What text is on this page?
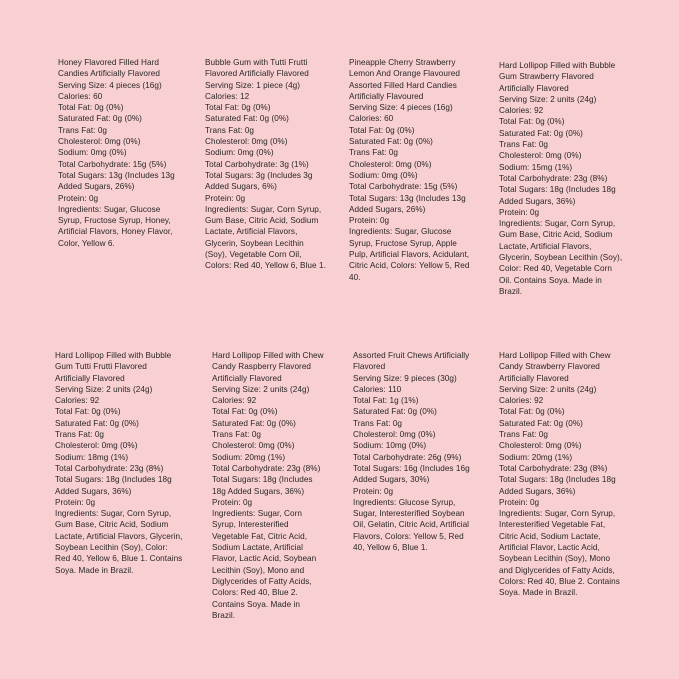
Honey Flavored Filled Hard Candies Artificially Flavored
Serving Size: 4 pieces (16g)
Calories: 60
Total Fat: 0g (0%)
Saturated Fat: 0g (0%)
Trans Fat: 0g
Cholesterol: 0mg (0%)
Sodium: 0mg (0%)
Total Carbohydrate: 15g (5%)
Total Sugars: 13g (Includes 13g Added Sugars, 26%)
Protein: 0g
Ingredients: Sugar, Glucose Syrup, Fructose Syrup, Honey, Artificial Flavors, Honey Flavor, Color, Yellow 6.
Bubble Gum with Tutti Frutti Flavored Artificially Flavored
Serving Size: 1 piece (4g)
Calories: 12
Total Fat: 0g (0%)
Saturated Fat: 0g (0%)
Trans Fat: 0g
Cholesterol: 0mg (0%)
Sodium: 0mg (0%)
Total Carbohydrate: 3g (1%)
Total Sugars: 3g (Includes 3g Added Sugars, 6%)
Protein: 0g
Ingredients: Sugar, Corn Syrup, Gum Base, Citric Acid, Sodium Lactate, Artificial Flavors, Glycerin, Soybean Lecithin (Soy), Vegetable Corn Oil, Colors: Red 40, Yellow 6, Blue 1.
Pineapple Cherry Strawberry Lemon And Orange Flavoured Assorted Filled Hard Candies Artificially Flavoured
Serving Size: 4 pieces (16g)
Calories: 60
Total Fat: 0g (0%)
Saturated Fat: 0g (0%)
Trans Fat: 0g
Cholesterol: 0mg (0%)
Sodium: 0mg (0%)
Total Carbohydrate: 15g (5%)
Total Sugars: 13g (Includes 13g Added Sugars, 26%)
Protein: 0g
Ingredients: Sugar, Glucose Syrup, Fructose Syrup, Apple Pulp, Artificial Flavors, Acidulant, Citric Acid, Colors: Yellow 5, Red 40.
Hard Lollipop Filled with Bubble Gum Strawberry Flavored Artificially Flavored
Serving Size: 2 units (24g)
Calories: 92
Total Fat: 0g (0%)
Saturated Fat: 0g (0%)
Trans Fat: 0g
Cholesterol: 0mg (0%)
Sodium: 15mg (1%)
Total Carbohydrate: 23g (8%)
Total Sugars: 18g (Includes 18g Added Sugars, 36%)
Protein: 0g
Ingredients: Sugar, Corn Syrup, Gum Base, Citric Acid, Sodium Lactate, Artificial Flavors, Glycerin, Soybean Lecithin (Soy), Color: Red 40, Vegetable Corn Oil. Contains Soya. Made in Brazil.
Hard Lollipop Filled with Bubble Gum Tutti Frutti Flavored Artificially Flavored
Serving Size: 2 units (24g)
Calories: 92
Total Fat: 0g (0%)
Saturated Fat: 0g (0%)
Trans Fat: 0g
Cholesterol: 0mg (0%)
Sodium: 18mg (1%)
Total Carbohydrate: 23g (8%)
Total Sugars: 18g (Includes 18g Added Sugars, 36%)
Protein: 0g
Ingredients: Sugar, Corn Syrup, Gum Base, Citric Acid, Sodium Lactate, Artificial Flavors, Glycerin, Soybean Lecithin (Soy), Color: Red 40, Yellow 6, Blue 1. Contains Soya. Made in Brazil.
Hard Lollipop Filled with Chew Candy Raspberry Flavored Artificially Flavored
Serving Size: 2 units (24g)
Calories: 92
Total Fat: 0g (0%)
Saturated Fat: 0g (0%)
Trans Fat: 0g
Cholesterol: 0mg (0%)
Sodium: 20mg (1%)
Total Carbohydrate: 23g (8%)
Total Sugars: 18g (Includes 18g Added Sugars, 36%)
Protein: 0g
Ingredients: Sugar, Corn Syrup, Interesterified Vegetable Fat, Citric Acid, Sodium Lactate, Artificial Flavor, Lactic Acid, Soybean Lecithin (Soy), Mono and Diglycerides of Fatty Acids, Colors: Red 40, Blue 2. Contains Soya. Made in Brazil.
Assorted Fruit Chews Artificially Flavored
Serving Size: 9 pieces (30g)
Calories: 110
Total Fat: 1g (1%)
Saturated Fat: 0g (0%)
Trans Fat: 0g
Cholesterol: 0mg (0%)
Sodium: 10mg (0%)
Total Carbohydrate: 26g (9%)
Total Sugars: 16g (Includes 16g Added Sugars, 30%)
Protein: 0g
Ingredients: Glucose Syrup, Sugar, Interesterified Soybean Oil, Gelatin, Citric Acid, Artificial Flavors, Colors: Yellow 5, Red 40, Yellow 6, Blue 1.
Hard Lollipop Filled with Chew Candy Strawberry Flavored Artificially Flavored
Serving Size: 2 units (24g)
Calories: 92
Total Fat: 0g (0%)
Saturated Fat: 0g (0%)
Trans Fat: 0g
Cholesterol: 0mg (0%)
Sodium: 20mg (1%)
Total Carbohydrate: 23g (8%)
Total Sugars: 18g (Includes 18g Added Sugars, 36%)
Protein: 0g
Ingredients: Sugar, Corn Syrup, Interesterified Vegetable Fat, Citric Acid, Sodium Lactate, Artificial Flavor, Lactic Acid, Soybean Lecithin (Soy), Mono and Diglycerides of Fatty Acids, Colors: Red 40, Blue 2. Contains Soya. Made in Brazil.
